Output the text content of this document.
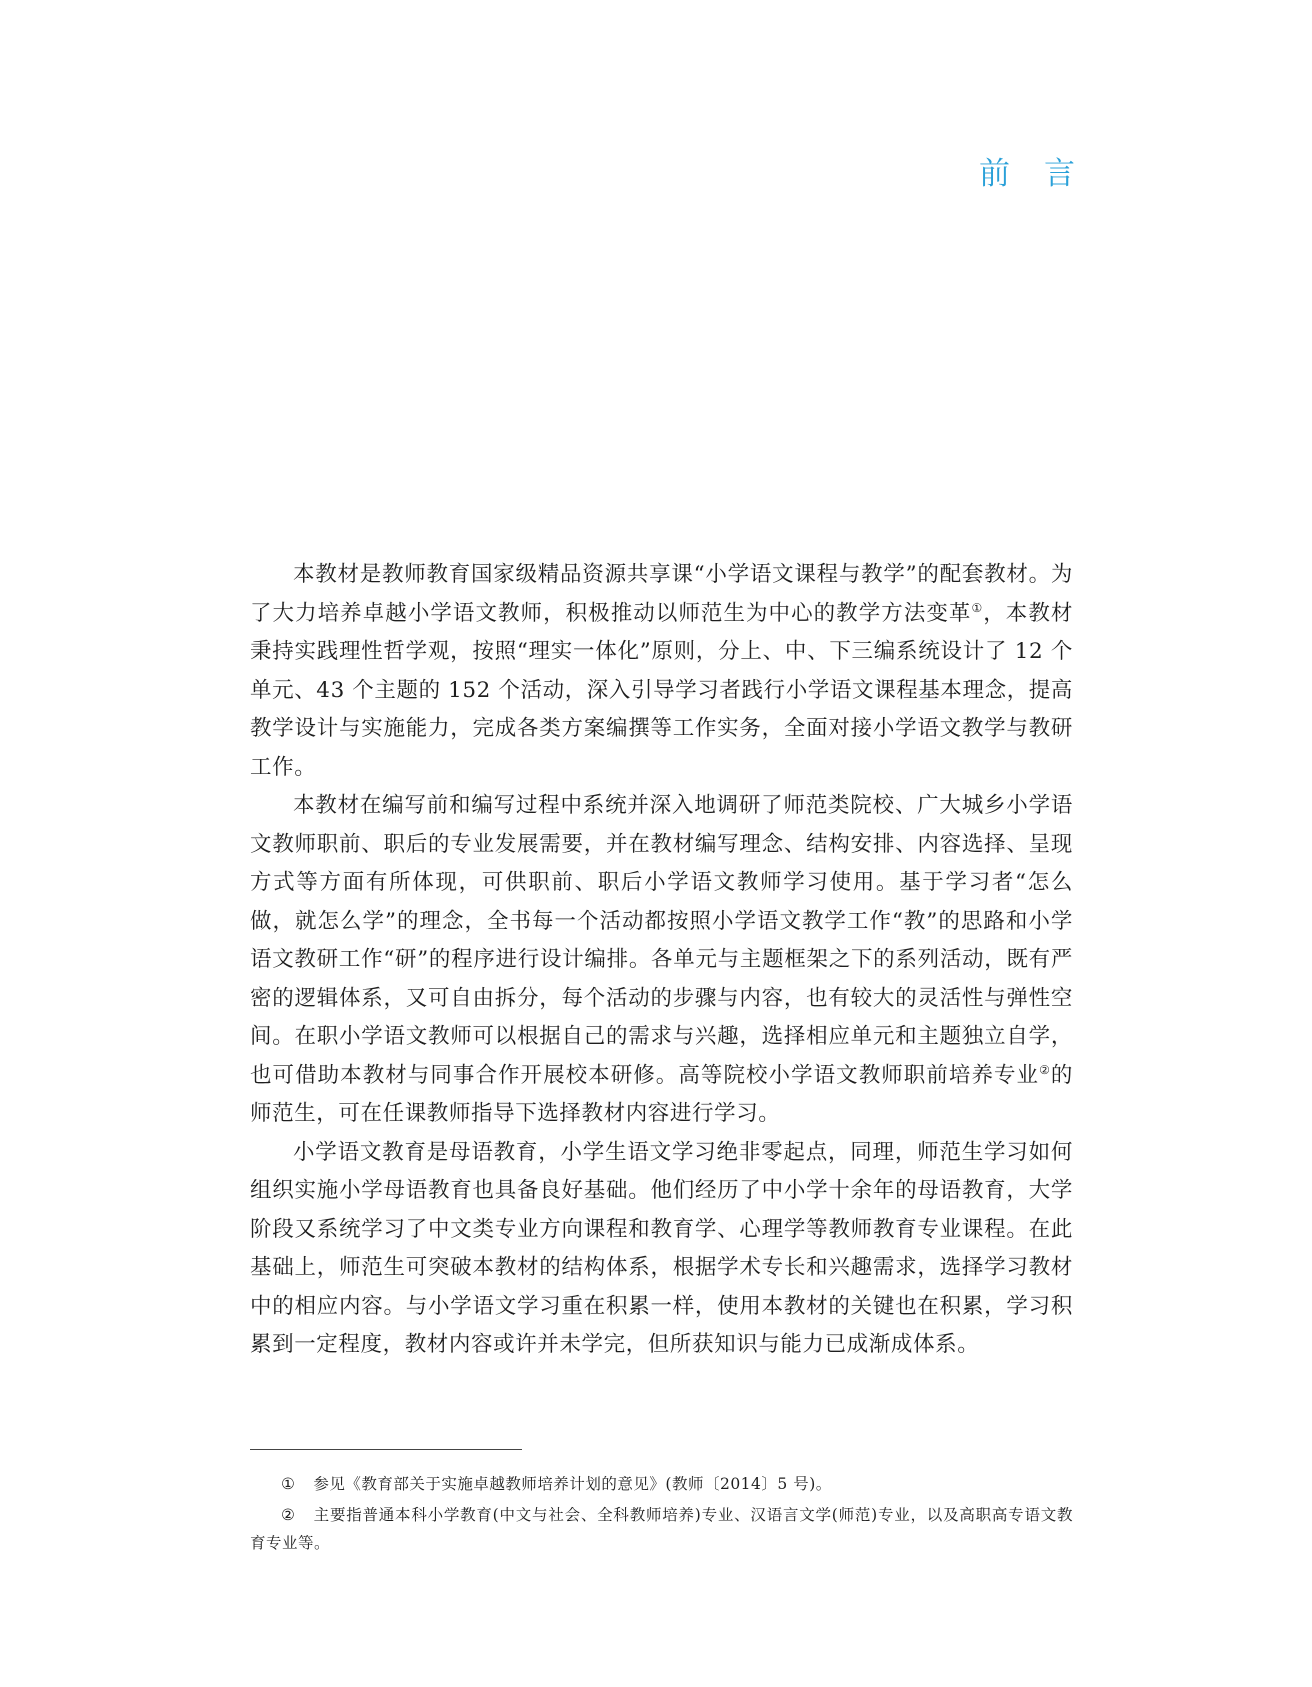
前言

本教材是教师教育国家级精品资源共享课“小学语文课程与教学”的配套教材。为了大力培养卓越小学语文教师，积极推动以师范生为中心的教学方法变革①，本教材秉持实践理性哲学观，按照“理实一体化”原则，分上、中、下三编系统设计了 12 个单元、43 个主题的 152 个活动，深入引导学习者践行小学语文课程基本理念，提高教学设计与实施能力，完成各类方案编撰等工作实务，全面对接小学语文教学与教研工作。

本教材在编写前和编写过程中系统并深入地调研了师范类院校、广大城乡小学语文教师职前、职后的专业发展需要，并在教材编写理念、结构安排、内容选择、呈现方式等方面有所体现，可供职前、职后小学语文教师学习使用。基于学习者“怎么做，就怎么学”的理念，全书每一个活动都按照小学语文教学工作“教”的思路和小学语文教研工作“研”的程序进行设计编排。各单元与主题框架之下的系列活动，既有严密的逻辑体系，又可自由拆分，每个活动的步骤与内容，也有较大的灵活性与弹性空间。在职小学语文教师可以根据自己的需求与兴趣，选择相应单元和主题独立自学，也可借助本教材与同事合作开展校本研修。高等院校小学语文教师职前培养专业②的师范生，可在任课教师指导下选择教材内容进行学习。

小学语文教育是母语教育，小学生语文学习绝非零起点，同理，师范生学习如何组织实施小学母语教育也具备良好基础。他们经历了中小学十余年的母语教育，大学阶段又系统学习了中文类专业方向课程和教育学、心理学等教师教育专业课程。在此基础上，师范生可突破本教材的结构体系，根据学术专长和兴趣需求，选择学习教材中的相应内容。与小学语文学习重在积累一样，使用本教材的关键也在积累，学习积累到一定程度，教材内容或许并未学完，但所获知识与能力已成渐成体系。

① 参见《教育部关于实施卓越教师培养计划的意见》(教师〔2014〕5 号)。

② 主要指普通本科小学教育(中文与社会、全科教师培养)专业、汉语言文学(师范)专业，以及高职高专语文教育专业等。
